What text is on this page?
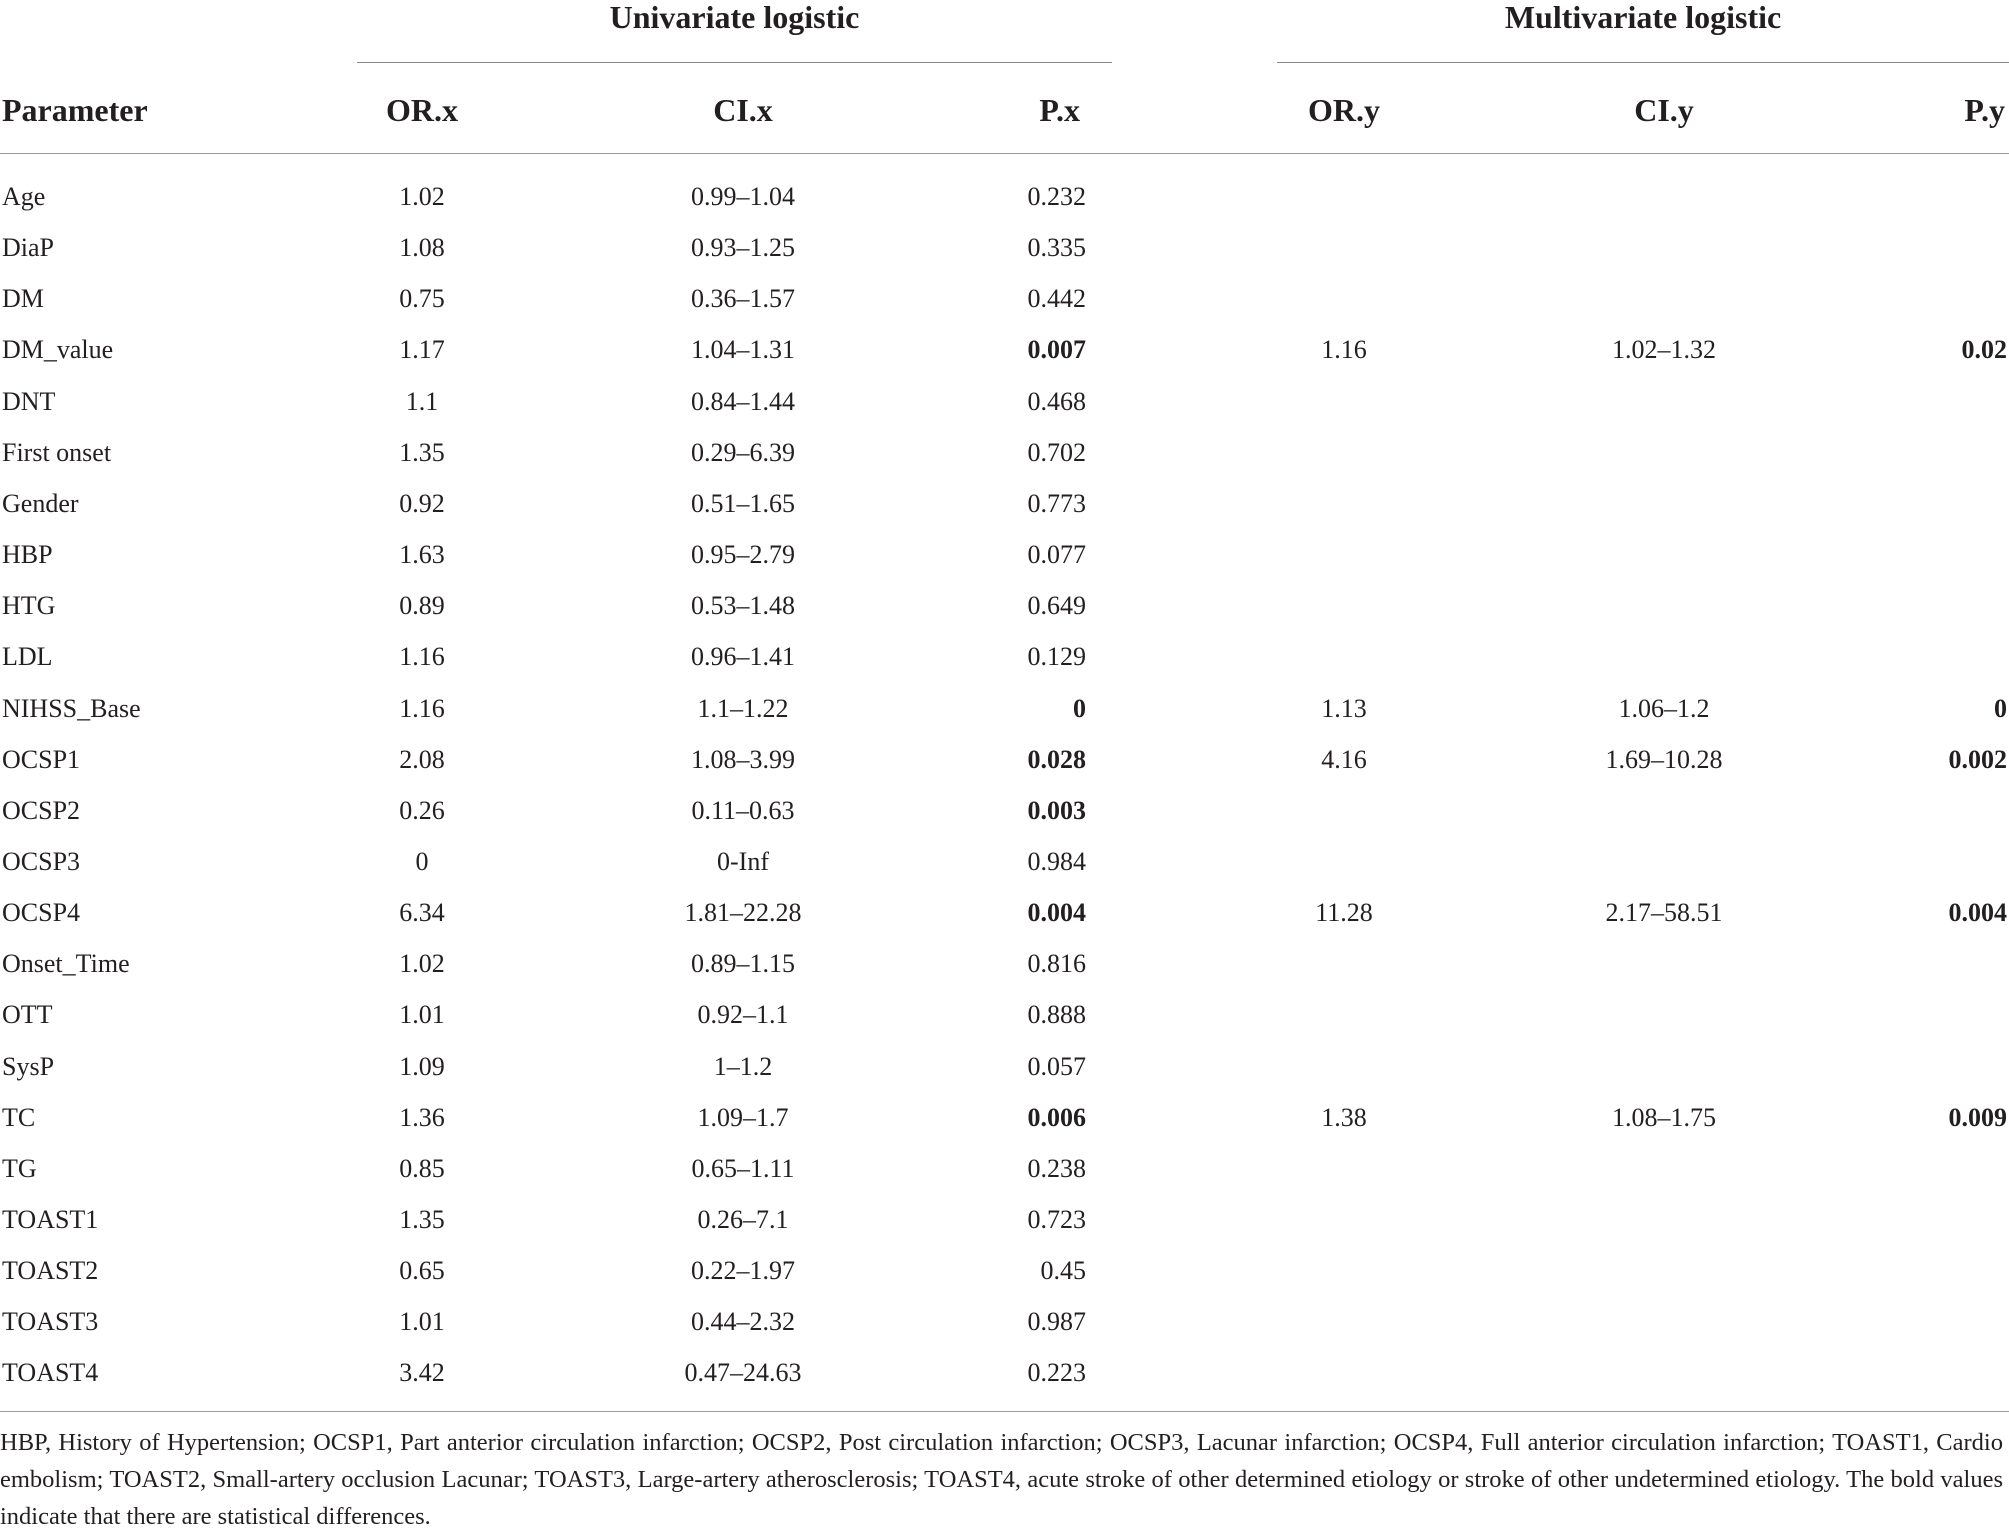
Univariate logistic	Multivariate logistic
Parameter	OR.x	CI.x	P.x	OR.y	CI.y	P.y
Age	1.02	0.99–1.04	0.232
DiaP	1.08	0.93–1.25	0.335
DM	0.75	0.36–1.57	0.442
DM_value	1.17	1.04–1.31	0.007	1.16	1.02–1.32	0.02
DNT	1.1	0.84–1.44	0.468
First onset	1.35	0.29–6.39	0.702
Gender	0.92	0.51–1.65	0.773
HBP	1.63	0.95–2.79	0.077
HTG	0.89	0.53–1.48	0.649
LDL	1.16	0.96–1.41	0.129
NIHSS_Base	1.16	1.1–1.22	0	1.13	1.06–1.2	0
OCSP1	2.08	1.08–3.99	0.028	4.16	1.69–10.28	0.002
OCSP2	0.26	0.11–0.63	0.003
OCSP3	0	0-Inf	0.984
OCSP4	6.34	1.81–22.28	0.004	11.28	2.17–58.51	0.004
Onset_Time	1.02	0.89–1.15	0.816
OTT	1.01	0.92–1.1	0.888
SysP	1.09	1–1.2	0.057
TC	1.36	1.09–1.7	0.006	1.38	1.08–1.75	0.009
TG	0.85	0.65–1.11	0.238
TOAST1	1.35	0.26–7.1	0.723
TOAST2	0.65	0.22–1.97	0.45
TOAST3	1.01	0.44–2.32	0.987
TOAST4	3.42	0.47–24.63	0.223
HBP, History of Hypertension; OCSP1, Part anterior circulation infarction; OCSP2, Post circulation infarction; OCSP3, Lacunar infarction; OCSP4, Full anterior circulation infarction; TOAST1, Cardio embolism; TOAST2, Small-artery occlusion Lacunar; TOAST3, Large-artery atherosclerosis; TOAST4, acute stroke of other determined etiology or stroke of other undetermined etiology. The bold values indicate that there are statistical differences.
